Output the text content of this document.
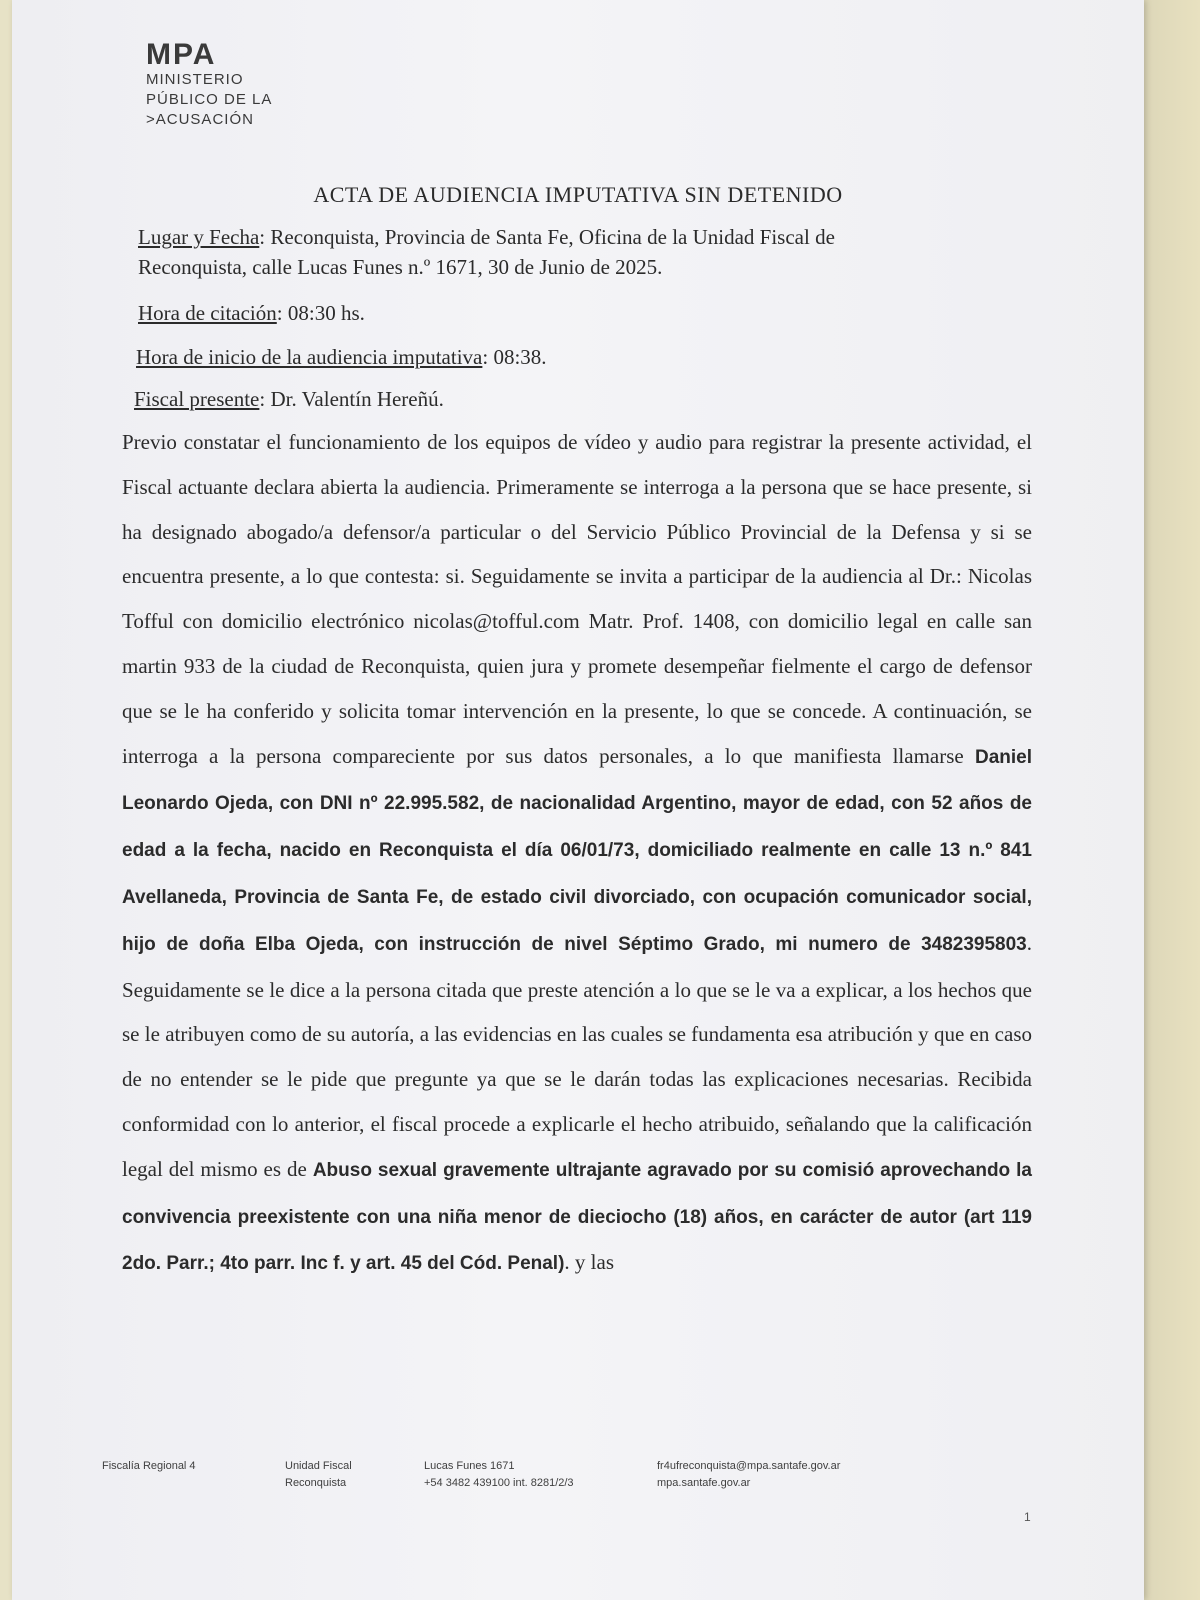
MPA
MINISTERIO
PÚBLICO DE LA
>ACUSACIÓN
ACTA DE AUDIENCIA IMPUTATIVA SIN DETENIDO
Lugar y Fecha: Reconquista, Provincia de Santa Fe, Oficina de la Unidad Fiscal de
Reconquista, calle Lucas Funes n.º 1671, 30 de Junio de 2025.
Hora de citación: 08:30 hs.
Hora de inicio de la audiencia imputativa: 08:38.
Fiscal presente: Dr. Valentín Hereñú.
Previo constatar el funcionamiento de los equipos de vídeo y audio para registrar la presente actividad, el Fiscal actuante declara abierta la audiencia. Primeramente se interroga a la persona que se hace presente, si ha designado abogado/a defensor/a particular o del Servicio Público Provincial de la Defensa y si se encuentra presente, a lo que contesta: si. Seguidamente se invita a participar de la audiencia al Dr.: Nicolas Tofful con domicilio electrónico nicolas@tofful.com Matr. Prof. 1408, con domicilio legal en calle san martin 933 de la ciudad de Reconquista, quien jura y promete desempeñar fielmente el cargo de defensor que se le ha conferido y solicita tomar intervención en la presente, lo que se concede. A continuación, se interroga a la persona compareciente por sus datos personales, a lo que manifiesta llamarse Daniel Leonardo Ojeda, con DNI nº 22.995.582, de nacionalidad Argentino, mayor de edad, con 52 años de edad a la fecha, nacido en Reconquista el día 06/01/73, domiciliado realmente en calle 13 n.º 841 Avellaneda, Provincia de Santa Fe, de estado civil divorciado, con ocupación comunicador social, hijo de doña Elba Ojeda, con instrucción de nivel Séptimo Grado, mi numero de 3482395803. Seguidamente se le dice a la persona citada que preste atención a lo que se le va a explicar, a los hechos que se le atribuyen como de su autoría, a las evidencias en las cuales se fundamenta esa atribución y que en caso de no entender se le pide que pregunte ya que se le darán todas las explicaciones necesarias. Recibida conformidad con lo anterior, el fiscal procede a explicarle el hecho atribuido, señalando que la calificación legal del mismo es de Abuso sexual gravemente ultrajante agravado por su comisió aprovechando la convivencia preexistente con una niña menor de dieciocho (18) años, en carácter de autor (art 119 2do. Parr.; 4to parr. Inc f. y art. 45 del Cód. Penal). y las
Fiscalía Regional 4	Unidad Fiscal
Reconquista
Lucas Funes 1671
+54 3482 439100 int. 8281/2/3
fr4ufreconquista@mpa.santafe.gov.ar
mpa.santafe.gov.ar
1
